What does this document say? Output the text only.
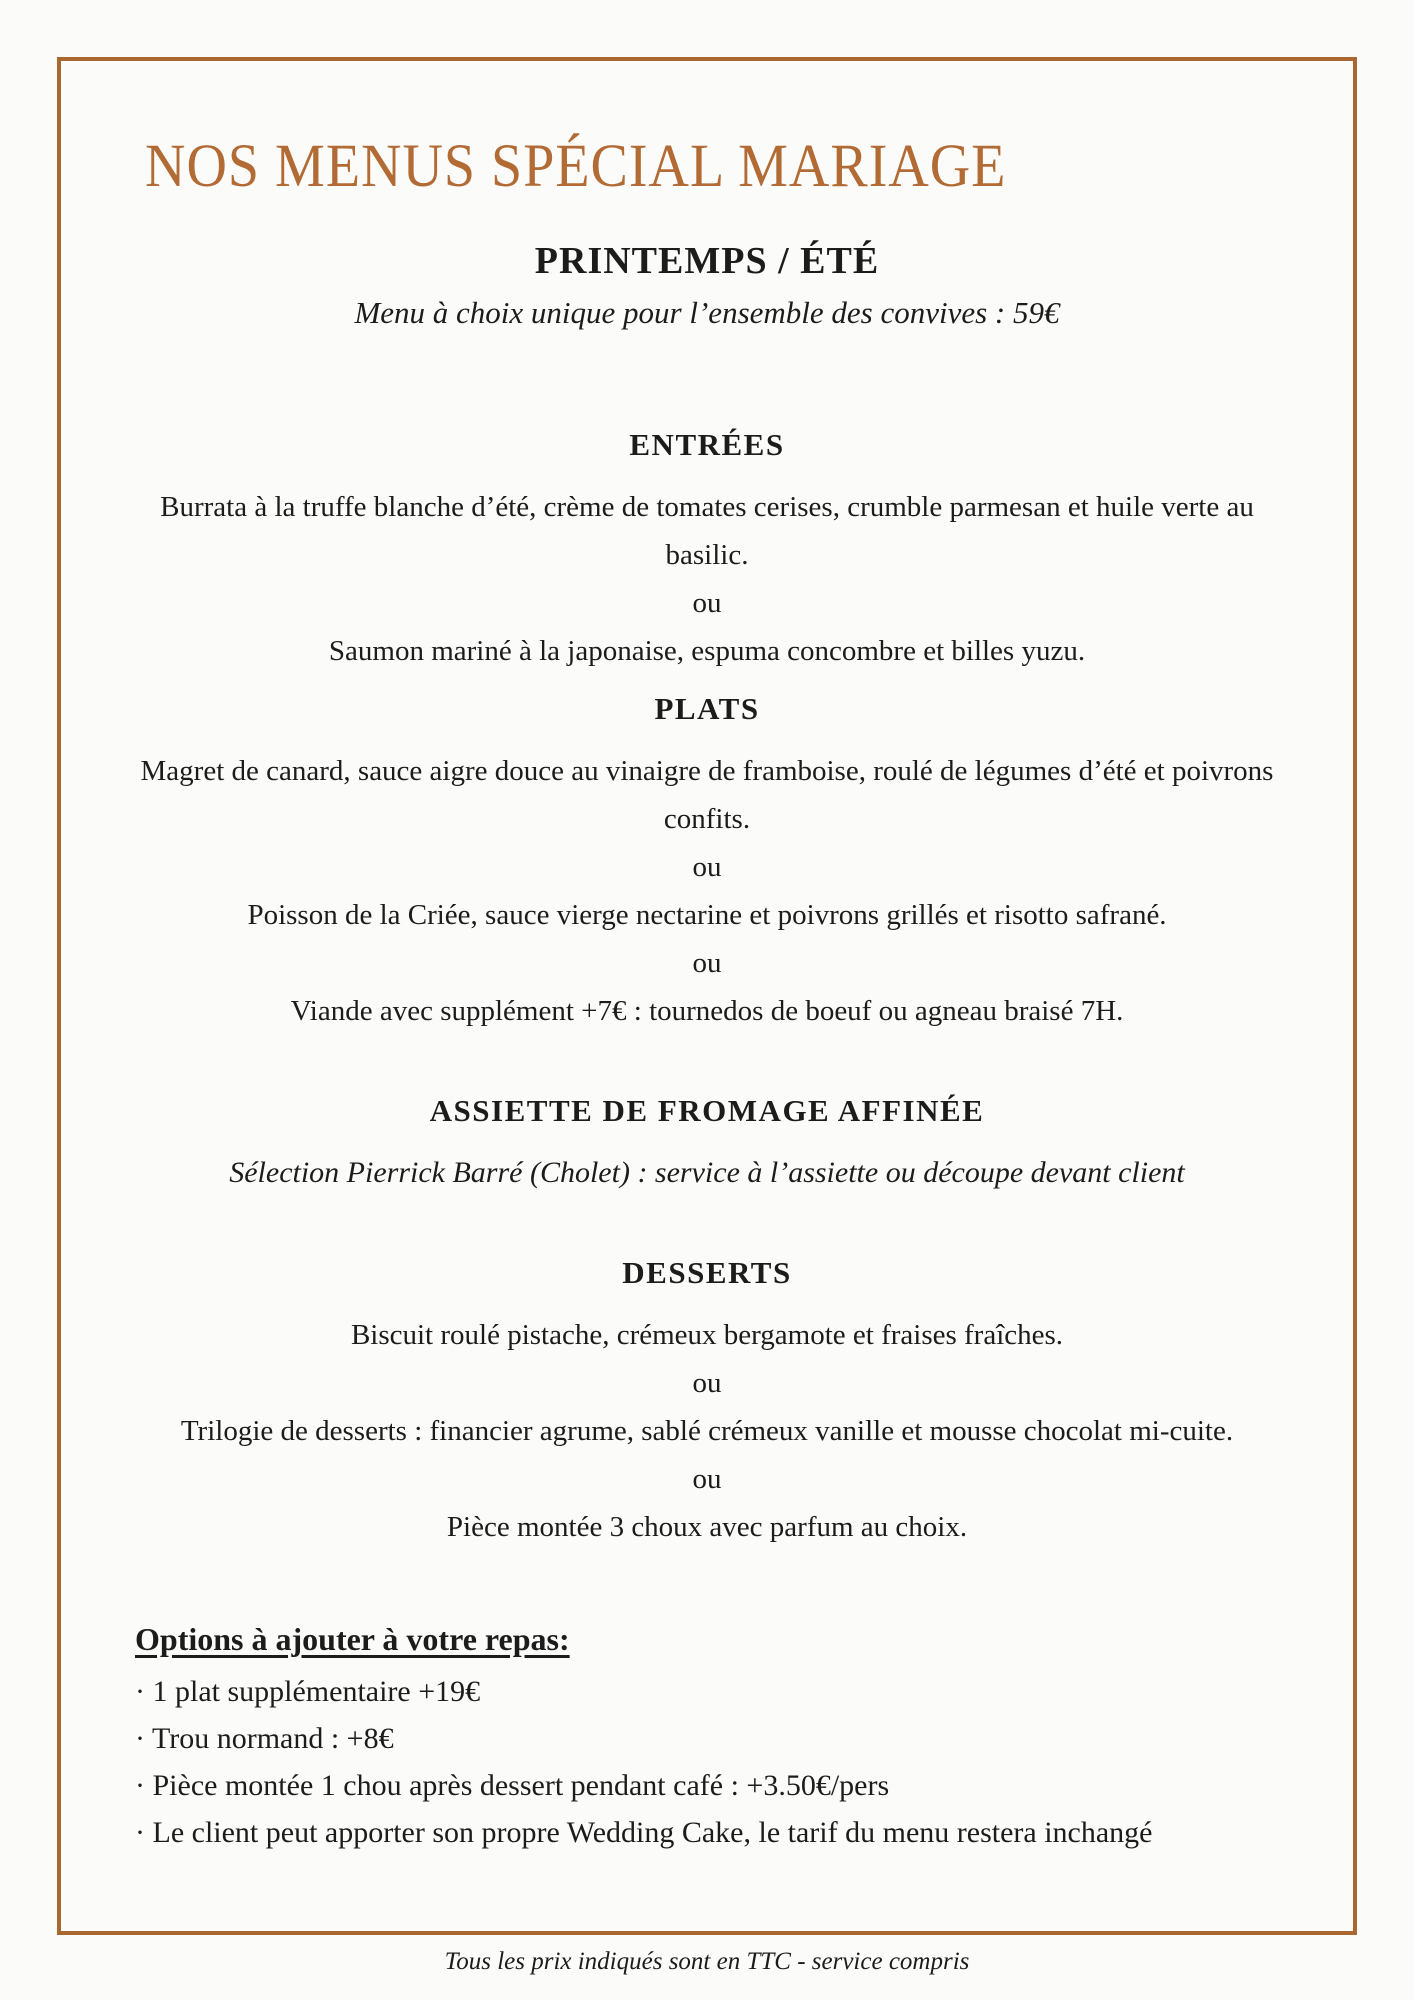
NOS MENUS SPÉCIAL MARIAGE
PRINTEMPS / ÉTÉ
Menu à choix unique pour l’ensemble des convives : 59€
ENTRÉES

Burrata à la truffe blanche d’été, crème de tomates cerises, crumble parmesan et huile verte au basilic.

ou

Saumon mariné à la japonaise, espuma concombre et billes yuzu.

PLATS

Magret de canard, sauce aigre douce au vinaigre de framboise, roulé de légumes d’été et poivrons confits.

ou

Poisson de la Criée, sauce vierge nectarine et poivrons grillés et risotto safrané.

ou

Viande avec supplément +7€ : tournedos de boeuf ou agneau braisé 7H.

ASSIETTE DE FROMAGE AFFINÉE

Sélection Pierrick Barré (Cholet) : service à l’assiette ou découpe devant client

DESSERTS

Biscuit roulé pistache, crémeux bergamote et fraises fraîches.

ou

Trilogie de desserts : financier agrume, sablé crémeux vanille et mousse chocolat mi-cuite.

ou

Pièce montée 3 choux avec parfum au choix.

Options à ajouter à votre repas:

· 1 plat supplémentaire +19€

· Trou normand : +8€

· Pièce montée 1 chou après dessert pendant café : +3.50€/pers

· Le client peut apporter son propre Wedding Cake, le tarif du menu restera inchangé

Tous les prix indiqués sont en TTC - service compris
